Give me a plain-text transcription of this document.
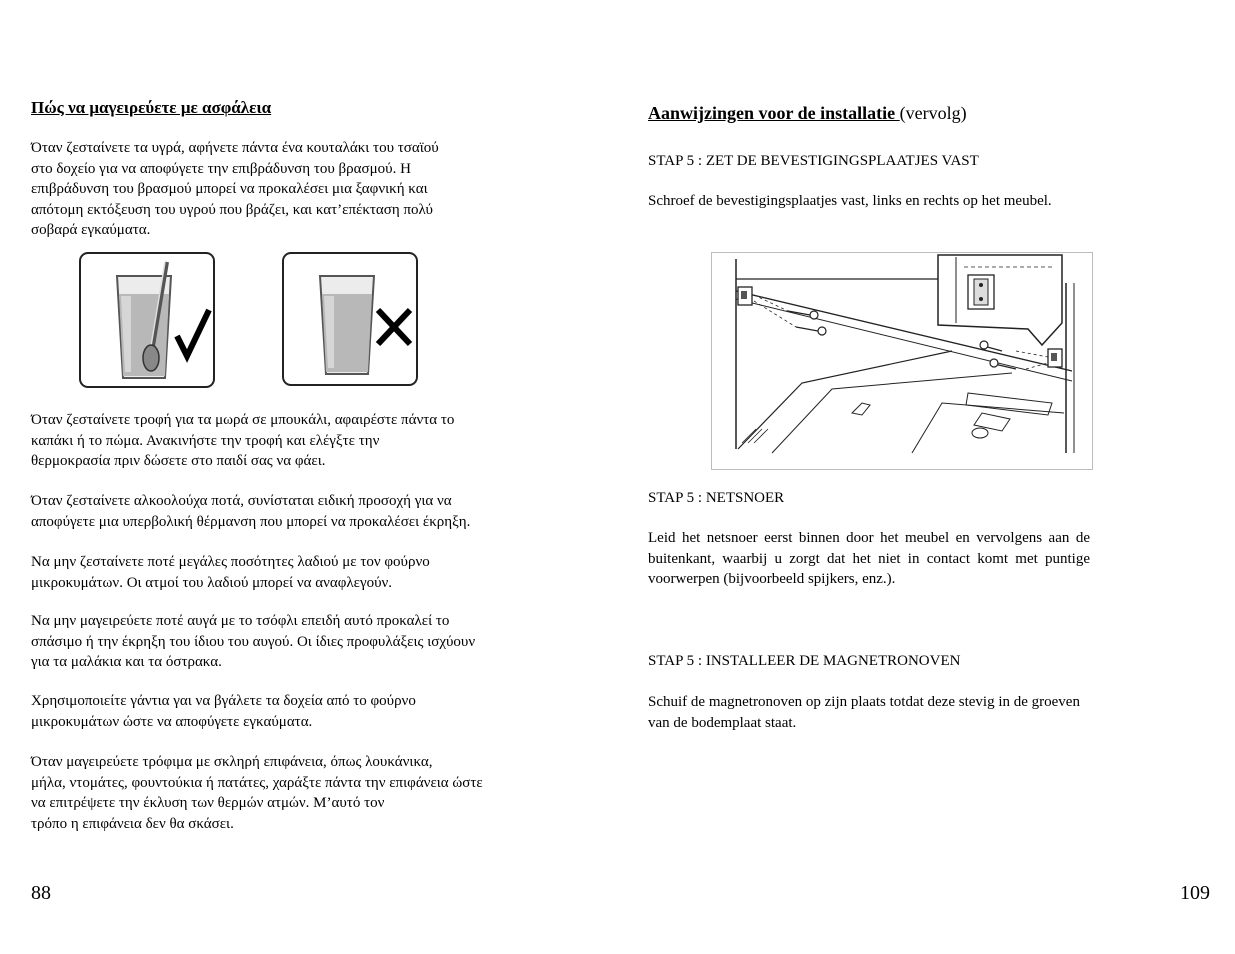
Πώς να μαγειρεύετε με ασφάλεια
Όταν ζεσταίνετε τα υγρά, αφήνετε πάντα ένα κουταλάκι του τσαϊού
στο δοχείο για να αποφύγετε την επιβράδυνση του βρασμού. Η
επιβράδυνση του βρασμού μπορεί να προκαλέσει μια ξαφνική και
απότομη εκτόξευση του υγρού που βράζει, και κατ’επέκταση πολύ
σοβαρά εγκαύματα.
Όταν ζεσταίνετε τροφή για τα μωρά σε μπουκάλι, αφαιρέστε πάντα το
καπάκι ή το πώμα. Ανακινήστε την τροφή και ελέγξτε την
θερμοκρασία πριν δώσετε στο παιδί σας να φάει.
Όταν ζεσταίνετε αλκοολούχα ποτά, συνίσταται ειδική προσοχή για να
αποφύγετε μια υπερβολική θέρμανση που μπορεί να προκαλέσει έκρηξη.
Να μην ζεσταίνετε ποτέ μεγάλες ποσότητες λαδιού με τον φούρνο
μικροκυμάτων. Οι ατμοί του λαδιού μπορεί να αναφλεγούν.
Να μην μαγειρεύετε ποτέ αυγά με το τσόφλι επειδή αυτό προκαλεί το
σπάσιμο ή την έκρηξη του ίδιου του αυγού. Οι ίδιες προφυλάξεις ισχύουν
για τα μαλάκια και τα όστρακα.
Χρησιμοποιείτε γάντια γαι να βγάλετε τα δοχεία από το φούρνο
μικροκυμάτων ώστε να αποφύγετε εγκαύματα.
Όταν μαγειρεύετε τρόφιμα με σκληρή επιφάνεια, όπως λουκάνικα,
μήλα, ντομάτες, φουντούκια ή πατάτες, χαράξτε πάντα την επιφάνεια ώστε
να επιτρέψετε την έκλυση των θερμών ατμών. Μ’αυτό τον
τρόπο η επιφάνεια δεν θα σκάσει.
88
Aanwijzingen voor de installatie (vervolg)
STAP 5 : ZET DE BEVESTIGINGSPLAATJES VAST
Schroef de bevestigingsplaatjes vast, links en rechts op het meubel.
STAP 5 : NETSNOER
Leid het netsnoer eerst binnen door het meubel en vervolgens aan de buitenkant, waarbij u zorgt dat het niet in contact komt met puntige voorwerpen (bijvoorbeeld spijkers, enz.).
STAP 5 : INSTALLEER DE MAGNETRONOVEN
Schuif de magnetronoven op zijn plaats totdat deze stevig in de groeven van de bodemplaat staat.
109
